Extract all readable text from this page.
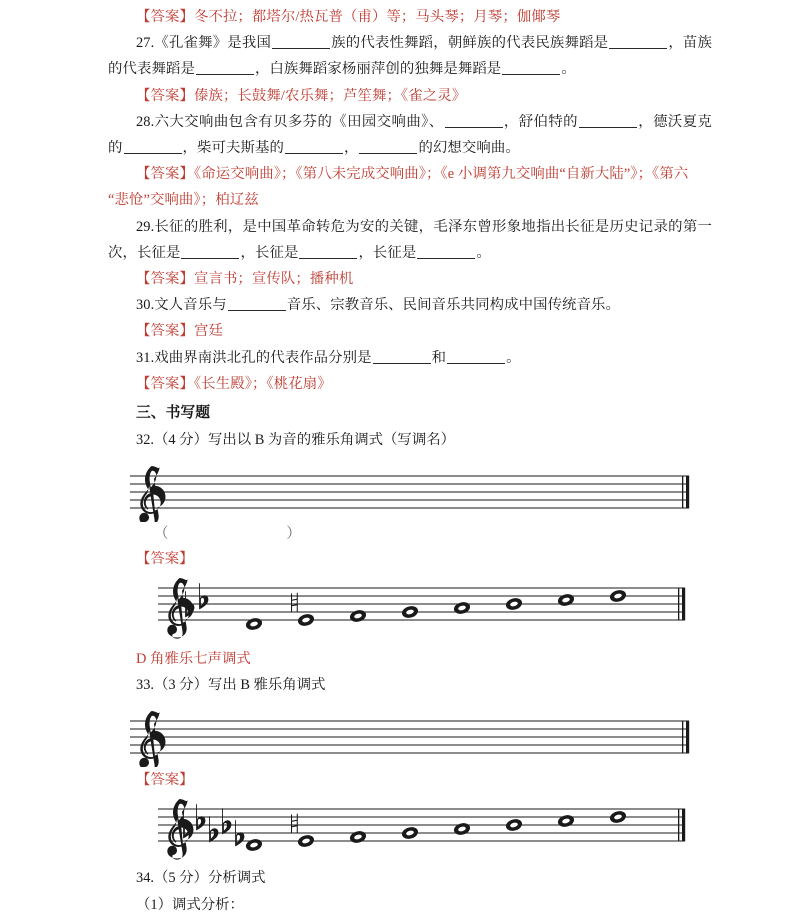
【答案】冬不拉；都塔尔/热瓦普（甫）等；马头琴；月琴；伽倻琴

27.《孔雀舞》是我国	族的代表性舞蹈，朝鲜族的代表民族舞蹈是	，苗族的代表舞蹈是	，白族舞蹈家杨丽萍创的独舞是舞蹈是	。

【答案】傣族；长鼓舞/农乐舞；芦笙舞；《雀之灵》

28.六大交响曲包含有贝多芬的《田园交响曲》、	，舒伯特的	，德沃夏克的	，柴可夫斯基的	，	的幻想交响曲。

【答案】《命运交响曲》；《第八未完成交响曲》；《e 小调第九交响曲“自新大陆”》；《第六

“悲怆”交响曲》；柏辽兹

29.长征的胜利，是中国革命转危为安的关键，毛泽东曾形象地指出长征是历史记录的第一次，长征是	，长征是	，长征是	。

【答案】宣言书；宣传队；播种机

30.文人音乐与	音乐、宗教音乐、民间音乐共同构成中国传统音乐。

【答案】宫廷

31.戏曲界南洪北孔的代表作品分别是	和	。

【答案】《长生殿》；《桃花扇》

三、书写题

32.（4 分）写出以 B 为音的雅乐角调式（写调名）

（	）

【答案】

D 角雅乐七声调式

33.（3 分）写出 B 雅乐角调式

【答案】

34.（5 分）分析调式

（1）调式分析：
